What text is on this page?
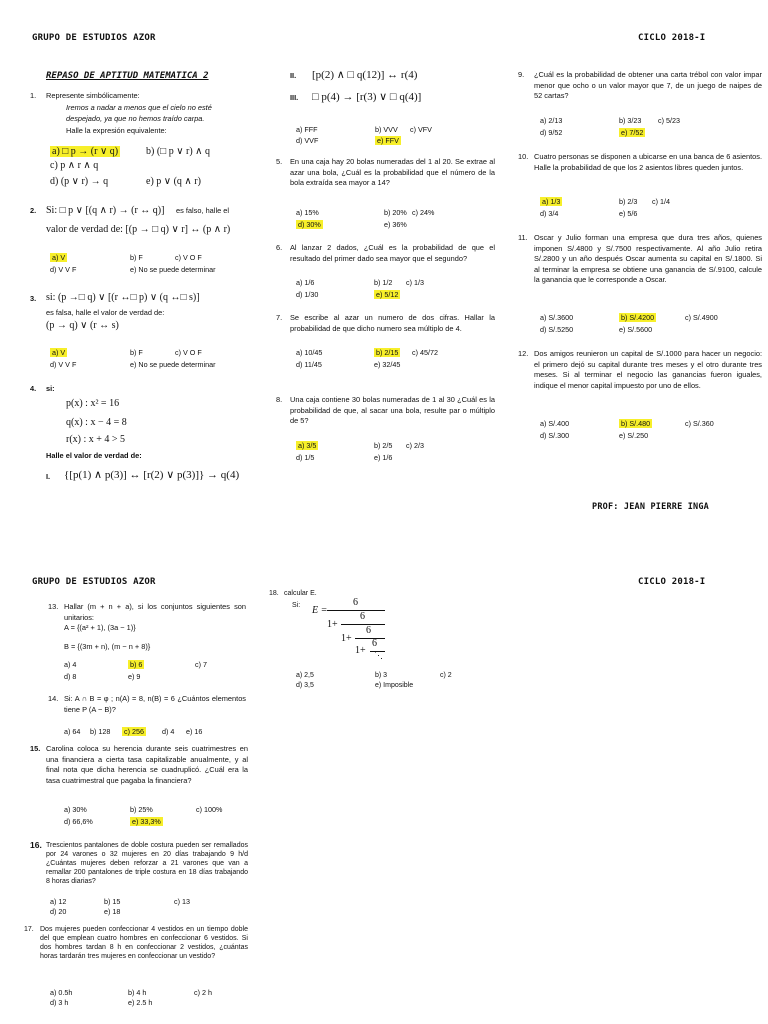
GRUPO DE ESTUDIOS AZOR	CICLO 2018-I
REPASO DE APTITUD MATEMATICA 2
1. Represente simbólicamente:
Iremos a nadar a menos que el cielo no esté
despejado, ya que no hemos traído carpa.
Halle la expresión equivalente:
a) □ p → (r ∨ q)	b) (□ p ∨ r) ∧ q
c) p ∧ r ∧ q
d) (p ∨ r) → q	e) p ∨ (q ∧ r)
2. Si: □ p ∨ [(q ∧ r) → (r ↔ q)] es falso, halle el
valor de verdad de: [(p → □ q) ∨ r] ↔ (p ∧ r)
a) V	b) F	c) V O F
d) V V F	e) No se puede determinar
3. si: (p →□ q) ∨ [(r ↔□ p) ∨ (q ↔□ s)]
es falsa, halle el valor de verdad de:
(p → q) ∨ (r ↔ s)
a) V	b) F	c) V O F
d) V V F	e) No se puede determinar
4. si:
p(x) : x² = 16
q(x) : x − 4 = 8
r(x) : x + 4 > 5
Halle el valor de verdad de:
I. {[p(1) ∧ p(3)] ↔ [r(2) ∨ p(3)]} → q(4)
II. [p(2) ∧ □ q(12)] ↔ r(4)
III. □ p(4) → [r(3) ∨ □ q(4)]
a) FFF	b) VVV c) VFV
d) VVF	e) FFV
5. En una caja hay 20 bolas numeradas del 1 al 20. Se extrae al azar una bola, ¿Cuál es la probabilidad que el número de la bola extraída sea mayor a 14?
a) 15%	b) 20% c) 24%
d) 30%	e) 36%
6. Al lanzar 2 dados, ¿Cuál es la probabilidad de que el resultado del primer dado sea mayor que el segundo?
a) 1/6	b) 1/2 c) 1/3
d) 1/30	e) 5/12
7. Se escribe al azar un numero de dos cifras. Hallar la probabilidad de que dicho numero sea múltiplo de 4.
a) 10/45	b) 2/15 c) 45/72
d) 11/45	e) 32/45
8. Una caja contiene 30 bolas numeradas de 1 al 30 ¿Cuál es la probabilidad de que, al sacar una bola, resulte par o múltiplo de 5?
a) 3/5	b) 2/5 c) 2/3
d) 1/5	e) 1/6
9. ¿Cuál es la probabilidad de obtener una carta trébol con valor impar menor que ocho o un valor mayor que 7, de un juego de naipes de 52 cartas?
a) 2/13	b) 3/23 c) 5/23
d) 9/52	e) 7/52
10. Cuatro personas se disponen a ubicarse en una banca de 6 asientos. Halle la probabilidad de que los 2 asientos libres queden juntos.
a) 1/3	b) 2/3 c) 1/4
d) 3/4	e) 5/6
11. Oscar y Julio forman una empresa que dura tres años, quienes imponen S/.4800 y S/.7500 respectivamente. Al año Julio retira S/.2800 y un año después Oscar aumenta su capital en S/.1800. Si al terminar la empresa se obtiene una ganancia de S/.9100, calcule la ganancia que le corresponde a Oscar.
a) S/.3600	b) S/.4200	c) S/.4900
d) S/.5250	e) S/.5600
12. Dos amigos reunieron un capital de S/.1000 para hacer un negocio: el primero dejó su capital durante tres meses y el otro durante tres meses. Si al terminar el negocio las ganancias fueron iguales, indique el menor capital impuesto por uno de ellos.
a) S/.400	b) S/.480	c) S/.360
d) S/.300	e) S/.250
PROF: JEAN PIERRE INGA
GRUPO DE ESTUDIOS AZOR	CICLO 2018-I
13. Hallar (m + n + a), si los conjuntos siguientes son unitarios:
A = {(a² + 1), (3a − 1)}
B = {(3m + n), (m − n + 8)}
a) 4	b) 6	c) 7
d) 8	e) 9
14. Si: A ∩ B = φ ; n(A) = 8, n(B) = 6 ¿Cuántos elementos tiene P (A − B)?
a) 64 b) 128 c) 256	d) 4 e) 16
15. Carolina coloca su herencia durante seis cuatrimestres en una financiera a cierta tasa capitalizable anualmente, y al final nota que dicha herencia se cuadruplicó. ¿Cuál era la tasa cuatrimestral que pagaba la financiera?
a) 30%	b) 25%	c) 100%
d) 66,6%	e) 33,3%
16. Trescientos pantalones de doble costura pueden ser remallados por 24 varones o 32 mujeres en 20 días trabajando 9 h/d ¿Cuántas mujeres deben reforzar a 21 varones que van a remallar 200 pantalones de triple costura en 18 días trabajando 8 horas diarias?
a) 12	b) 15	c) 13
d) 20	e) 18
17. Dos mujeres pueden confeccionar 4 vestidos en un tiempo doble del que emplean cuatro hombres en confeccionar 6 vestidos. Si dos hombres tardan 8 h en confeccionar 2 vestidos, ¿cuántas horas tardarán tres mujeres en confeccionar un vestido?
a) 0.5h	b) 4 h	c) 2 h
d) 3 h	e) 2.5 h
18. calcular E.
Si: E =
6
1+
6
1+
6
1+
6
⋱
a) 2,5	b) 3	c) 2
d) 3,5	e) Imposible
